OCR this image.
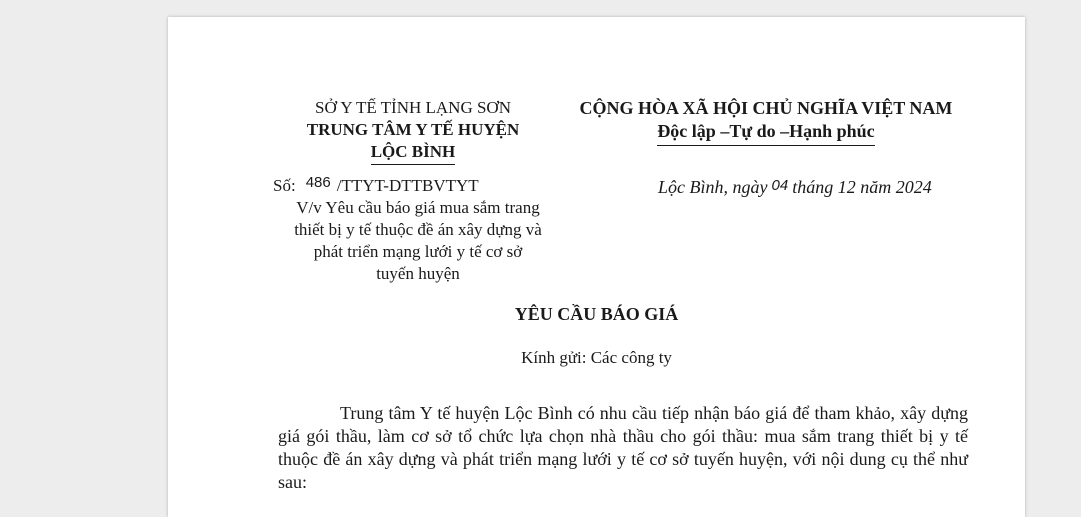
SỞ Y TẾ TỈNH LẠNG SƠN
TRUNG TÂM Y TẾ HUYỆN
LỘC BÌNH
CỘNG HÒA XÃ HỘI CHỦ NGHĨA VIỆT NAM
Độc lập –Tự do –Hạnh phúc
Số: 486 /TTYT-DTTBVTYT
V/v Yêu cầu báo giá mua sắm trang
thiết bị y tế thuộc đề án xây dựng và
phát triển mạng lưới y tế cơ sở
tuyến huyện
Lộc Bình, ngày 04 tháng 12 năm 2024
YÊU CẦU BÁO GIÁ
Kính gửi: Các công ty
Trung tâm Y tế huyện Lộc Bình có nhu cầu tiếp nhận báo giá để tham khảo, xây dựng giá gói thầu, làm cơ sở tổ chức lựa chọn nhà thầu cho gói thầu: mua sắm trang thiết bị y tế thuộc đề án xây dựng và phát triển mạng lưới y tế cơ sở tuyến huyện, với nội dung cụ thể như sau:
